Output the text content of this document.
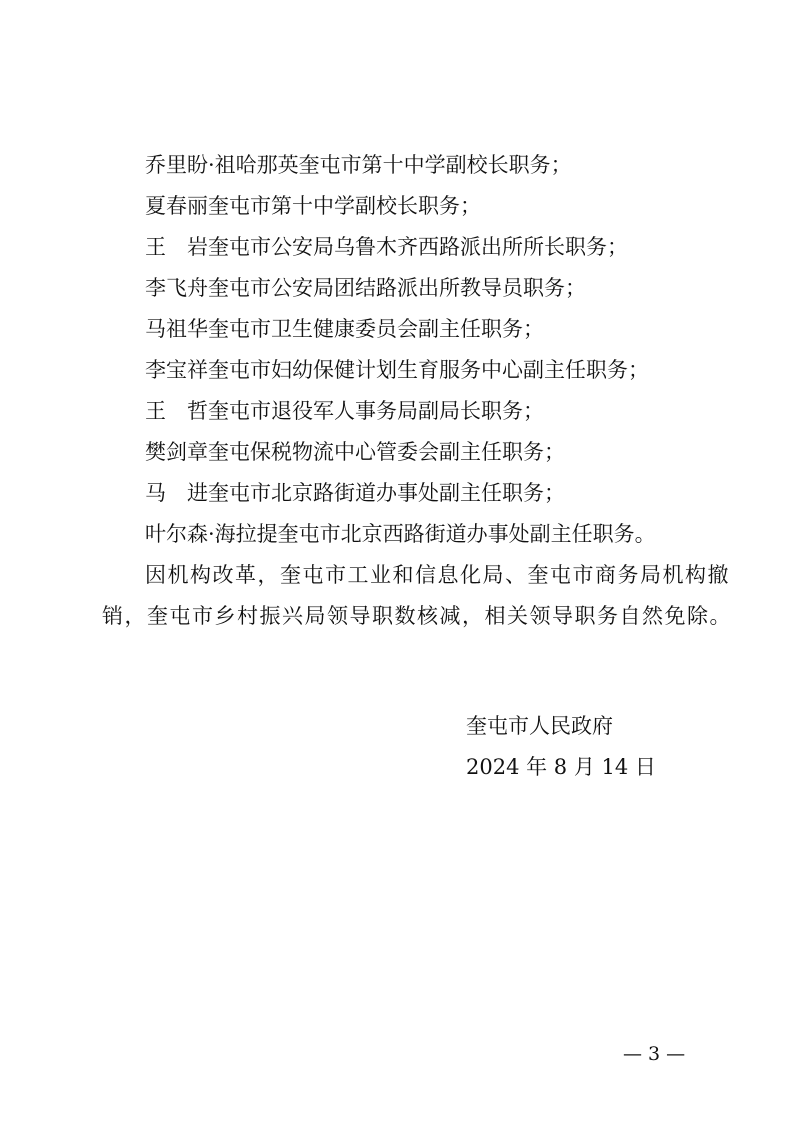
乔里盼·祖哈那英奎屯市第十中学副校长职务；

夏春丽奎屯市第十中学副校长职务；

王　岩奎屯市公安局乌鲁木齐西路派出所所长职务；

李飞舟奎屯市公安局团结路派出所教导员职务；

马祖华奎屯市卫生健康委员会副主任职务；

李宝祥奎屯市妇幼保健计划生育服务中心副主任职务；

王　哲奎屯市退役军人事务局副局长职务；

樊剑章奎屯保税物流中心管委会副主任职务；

马　进奎屯市北京路街道办事处副主任职务；

叶尔森·海拉提奎屯市北京西路街道办事处副主任职务。

因机构改革，奎屯市工业和信息化局、奎屯市商务局机构撤

销，奎屯市乡村振兴局领导职数核减，相关领导职务自然免除。

奎屯市人民政府

2024 年 8 月 14 日

— 3 —
